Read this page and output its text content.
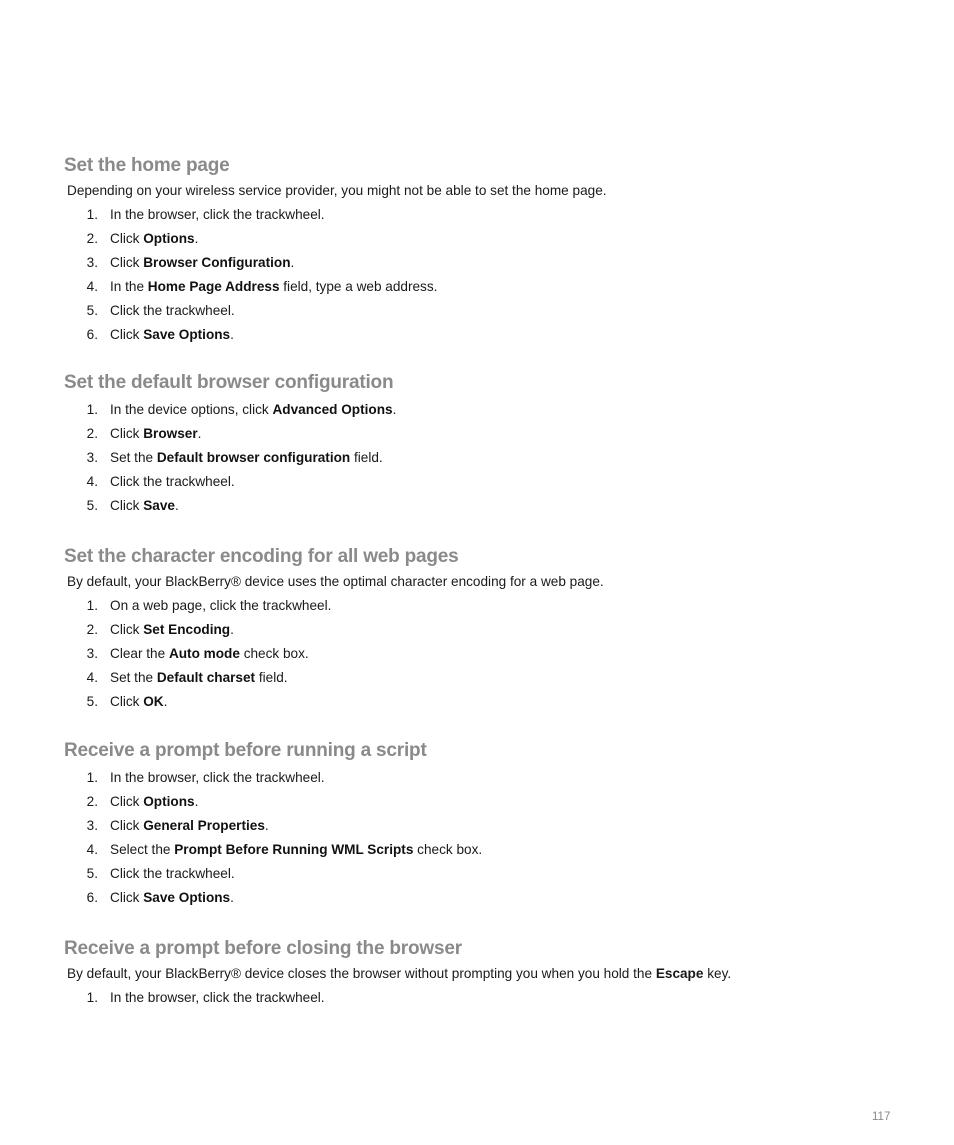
Set the home page

Depending on your wireless service provider, you might not be able to set the home page.

1. In the browser, click the trackwheel.
2. Click Options.
3. Click Browser Configuration.
4. In the Home Page Address field, type a web address.
5. Click the trackwheel.
6. Click Save Options.
Set the default browser configuration
1. In the device options, click Advanced Options.
2. Click Browser.
3. Set the Default browser configuration field.
4. Click the trackwheel.
5. Click Save.
Set the character encoding for all web pages

By default, your BlackBerry® device uses the optimal character encoding for a web page.

1. On a web page, click the trackwheel.
2. Click Set Encoding.
3. Clear the Auto mode check box.
4. Set the Default charset field.
5. Click OK.
Receive a prompt before running a script
1. In the browser, click the trackwheel.
2. Click Options.
3. Click General Properties.
4. Select the Prompt Before Running WML Scripts check box.
5. Click the trackwheel.
6. Click Save Options.
Receive a prompt before closing the browser

By default, your BlackBerry® device closes the browser without prompting you when you hold the Escape key.

1. In the browser, click the trackwheel.
117
